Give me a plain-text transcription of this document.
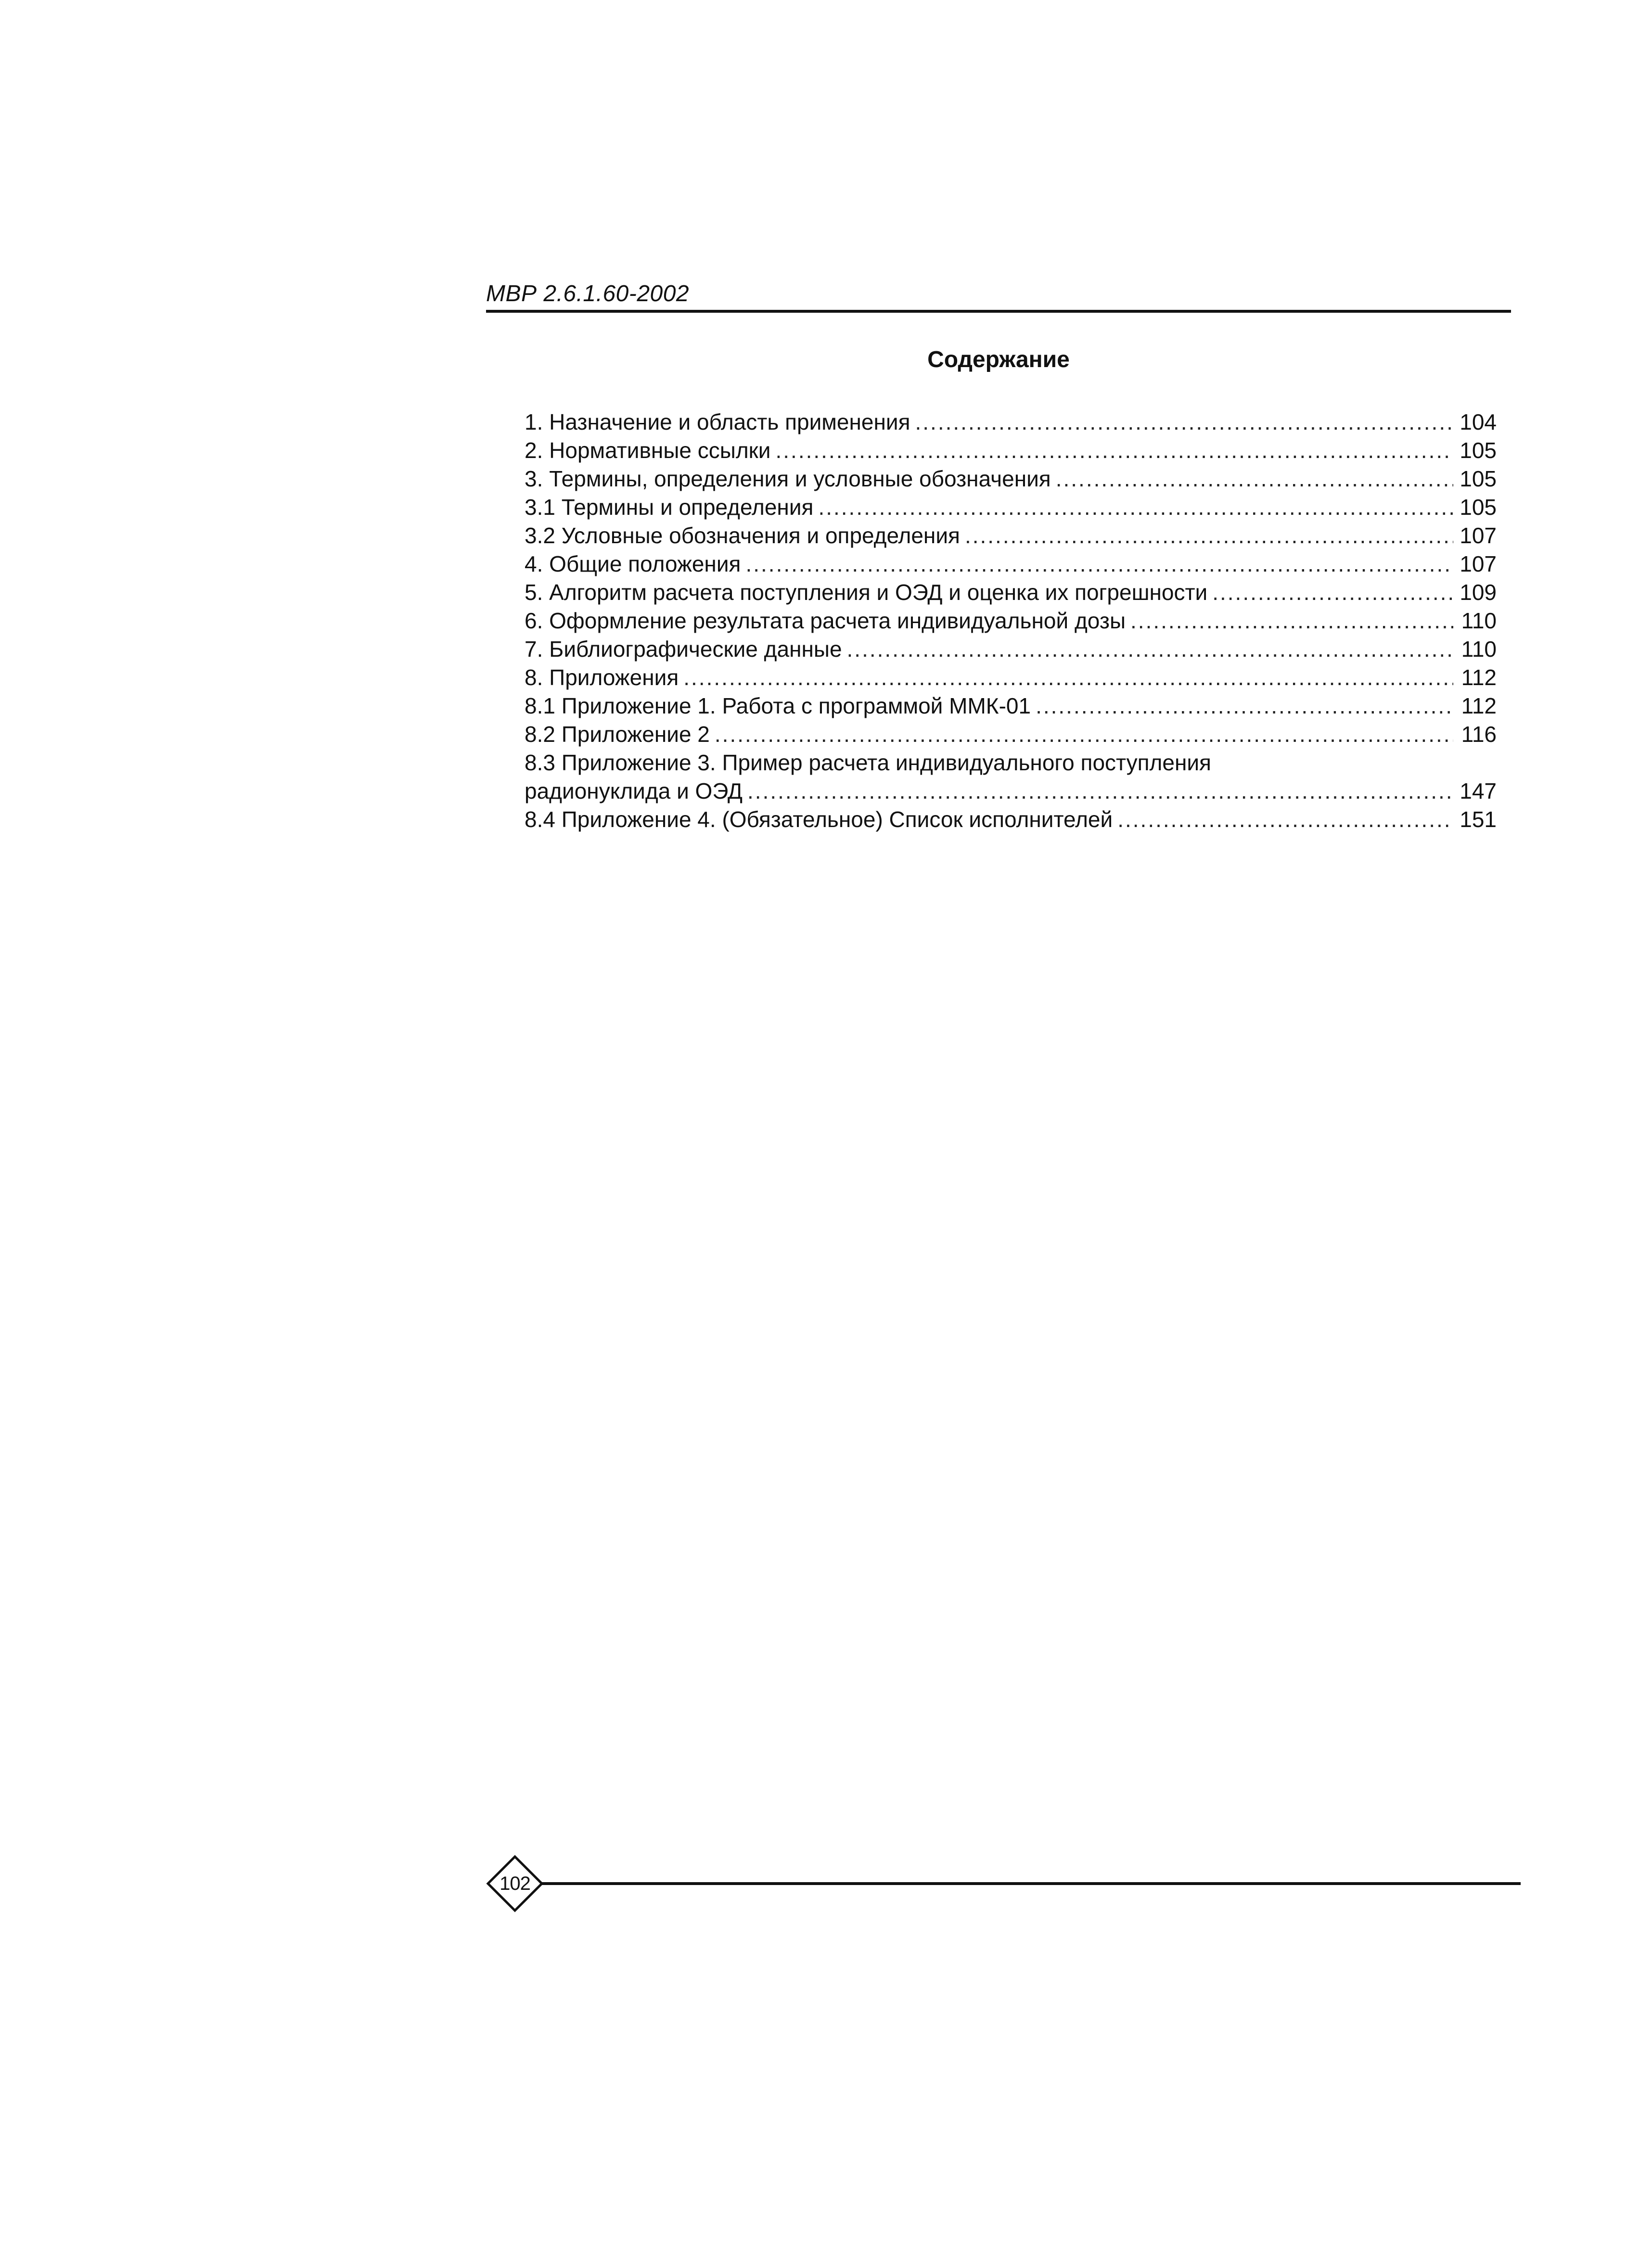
МВР 2.6.1.60-2002
Содержание
1. Назначение и область применения .....	104
2. Нормативные ссылки .....	105
3. Термины, определения и условные обозначения .....	105
3.1 Термины и определения .....	105
3.2 Условные обозначения и определения .....	107
4. Общие положения .....	107
5. Алгоритм расчета поступления и ОЭД и оценка их погрешности .....	109
6. Оформление результата расчета индивидуальной дозы .....	110
7. Библиографические данные .....	110
8. Приложения .....	112
8.1 Приложение 1. Работа с программой ММК-01 .....	112
8.2 Приложение 2 .....	116
8.3 Приложение 3. Пример расчета индивидуального поступления
радионуклида и ОЭД .....	147
8.4 Приложение 4. (Обязательное) Список исполнителей .....	151
102
